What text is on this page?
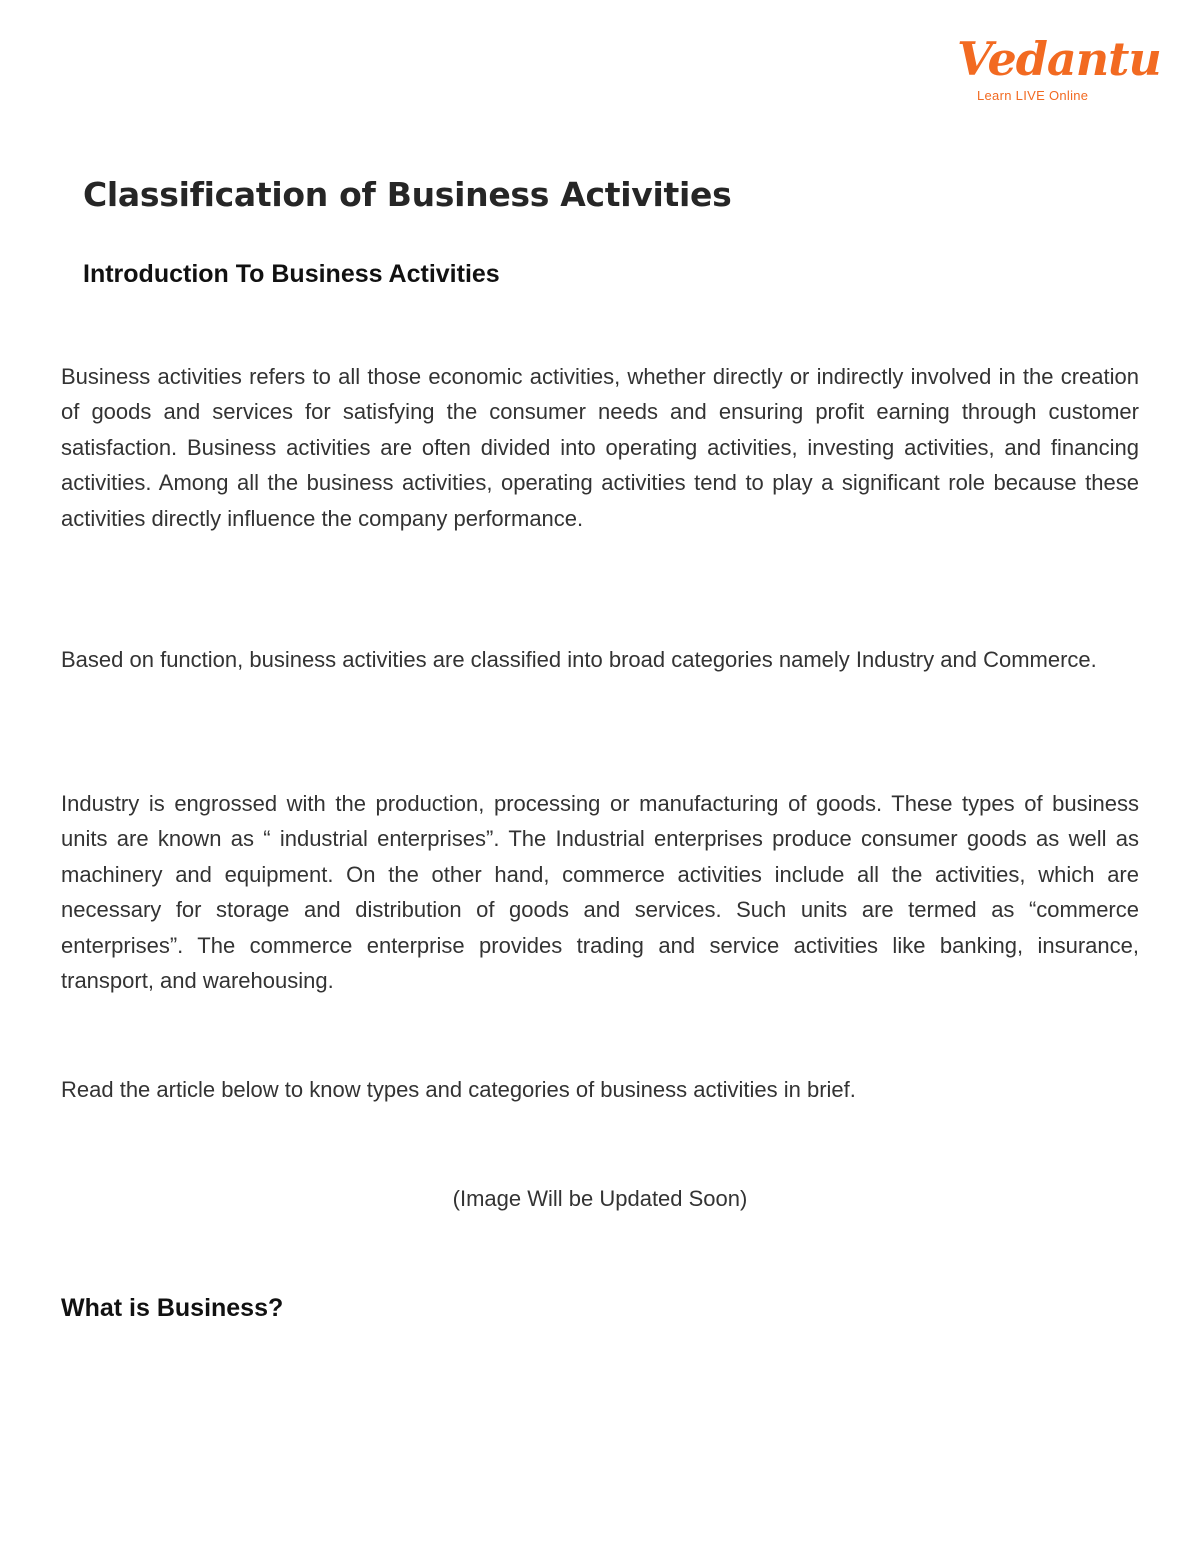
Vedantu
Learn LIVE Online
Classification of Business Activities
Introduction To Business Activities

Business activities refers to all those economic activities, whether directly or indirectly involved in the creation of goods and services for satisfying the consumer needs and ensuring profit earning through customer satisfaction. Business activities are often divided into operating activities, investing activities, and financing activities. Among all the business activities, operating activities tend to play a significant role because these activities directly influence the company performance.

Based on function, business activities are classified into broad categories namely Industry and Commerce.

Industry is engrossed with the production, processing or manufacturing of goods. These types of business units are known as “ industrial enterprises”. The Industrial enterprises produce consumer goods as well as machinery and equipment. On the other hand, commerce activities include all the activities, which are necessary for storage and distribution of goods and services. Such units are termed as “commerce enterprises”. The commerce enterprise provides trading and service activities like banking, insurance, transport, and warehousing.

Read the article below to know types and categories of business activities in brief.

(Image Will be Updated Soon)

What is Business?
